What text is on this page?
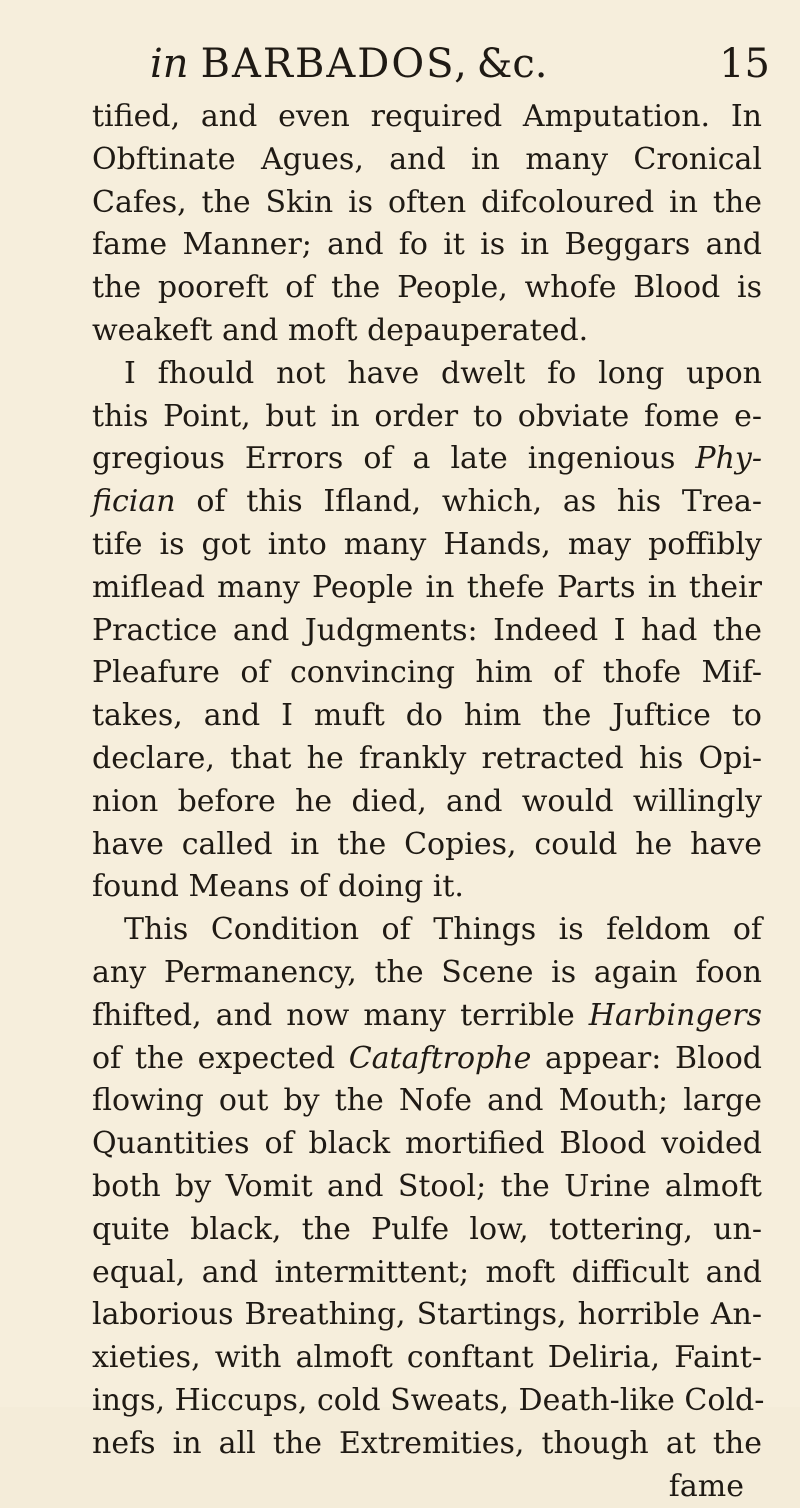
in BARBADOS, &c.	15
tified, and even required Amputation. In
Obftinate Agues, and in many Cronical
Cafes, the Skin is often difcoloured in the
fame Manner; and fo it is in Beggars and
the pooreft of the People, whofe Blood is
weakeft and moft depauperated.
I fhould not have dwelt fo long upon
this Point, but in order to obviate fome e-
gregious Errors of a late ingenious Phy-
fician of this Ifland, which, as his Trea-
tife is got into many Hands, may poffibly
miflead many People in thefe Parts in their
Practice and Judgments: Indeed I had the
Pleafure of convincing him of thofe Mif-
takes, and I muft do him the Juftice to
declare, that he frankly retracted his Opi-
nion before he died, and would willingly
have called in the Copies, could he have
found Means of doing it.
This Condition of Things is feldom of
any Permanency, the Scene is again foon
fhifted, and now many terrible Harbingers
of the expected Cataftrophe appear: Blood
flowing out by the Nofe and Mouth; large
Quantities of black mortified Blood voided
both by Vomit and Stool; the Urine almoft
quite black, the Pulfe low, tottering, un-
equal, and intermittent; moft difficult and
laborious Breathing, Startings, horrible An-
xieties, with almoft conftant Deliria, Faint-
ings, Hiccups, cold Sweats, Death-like Cold-
nefs in all the Extremities, though at the
fame
